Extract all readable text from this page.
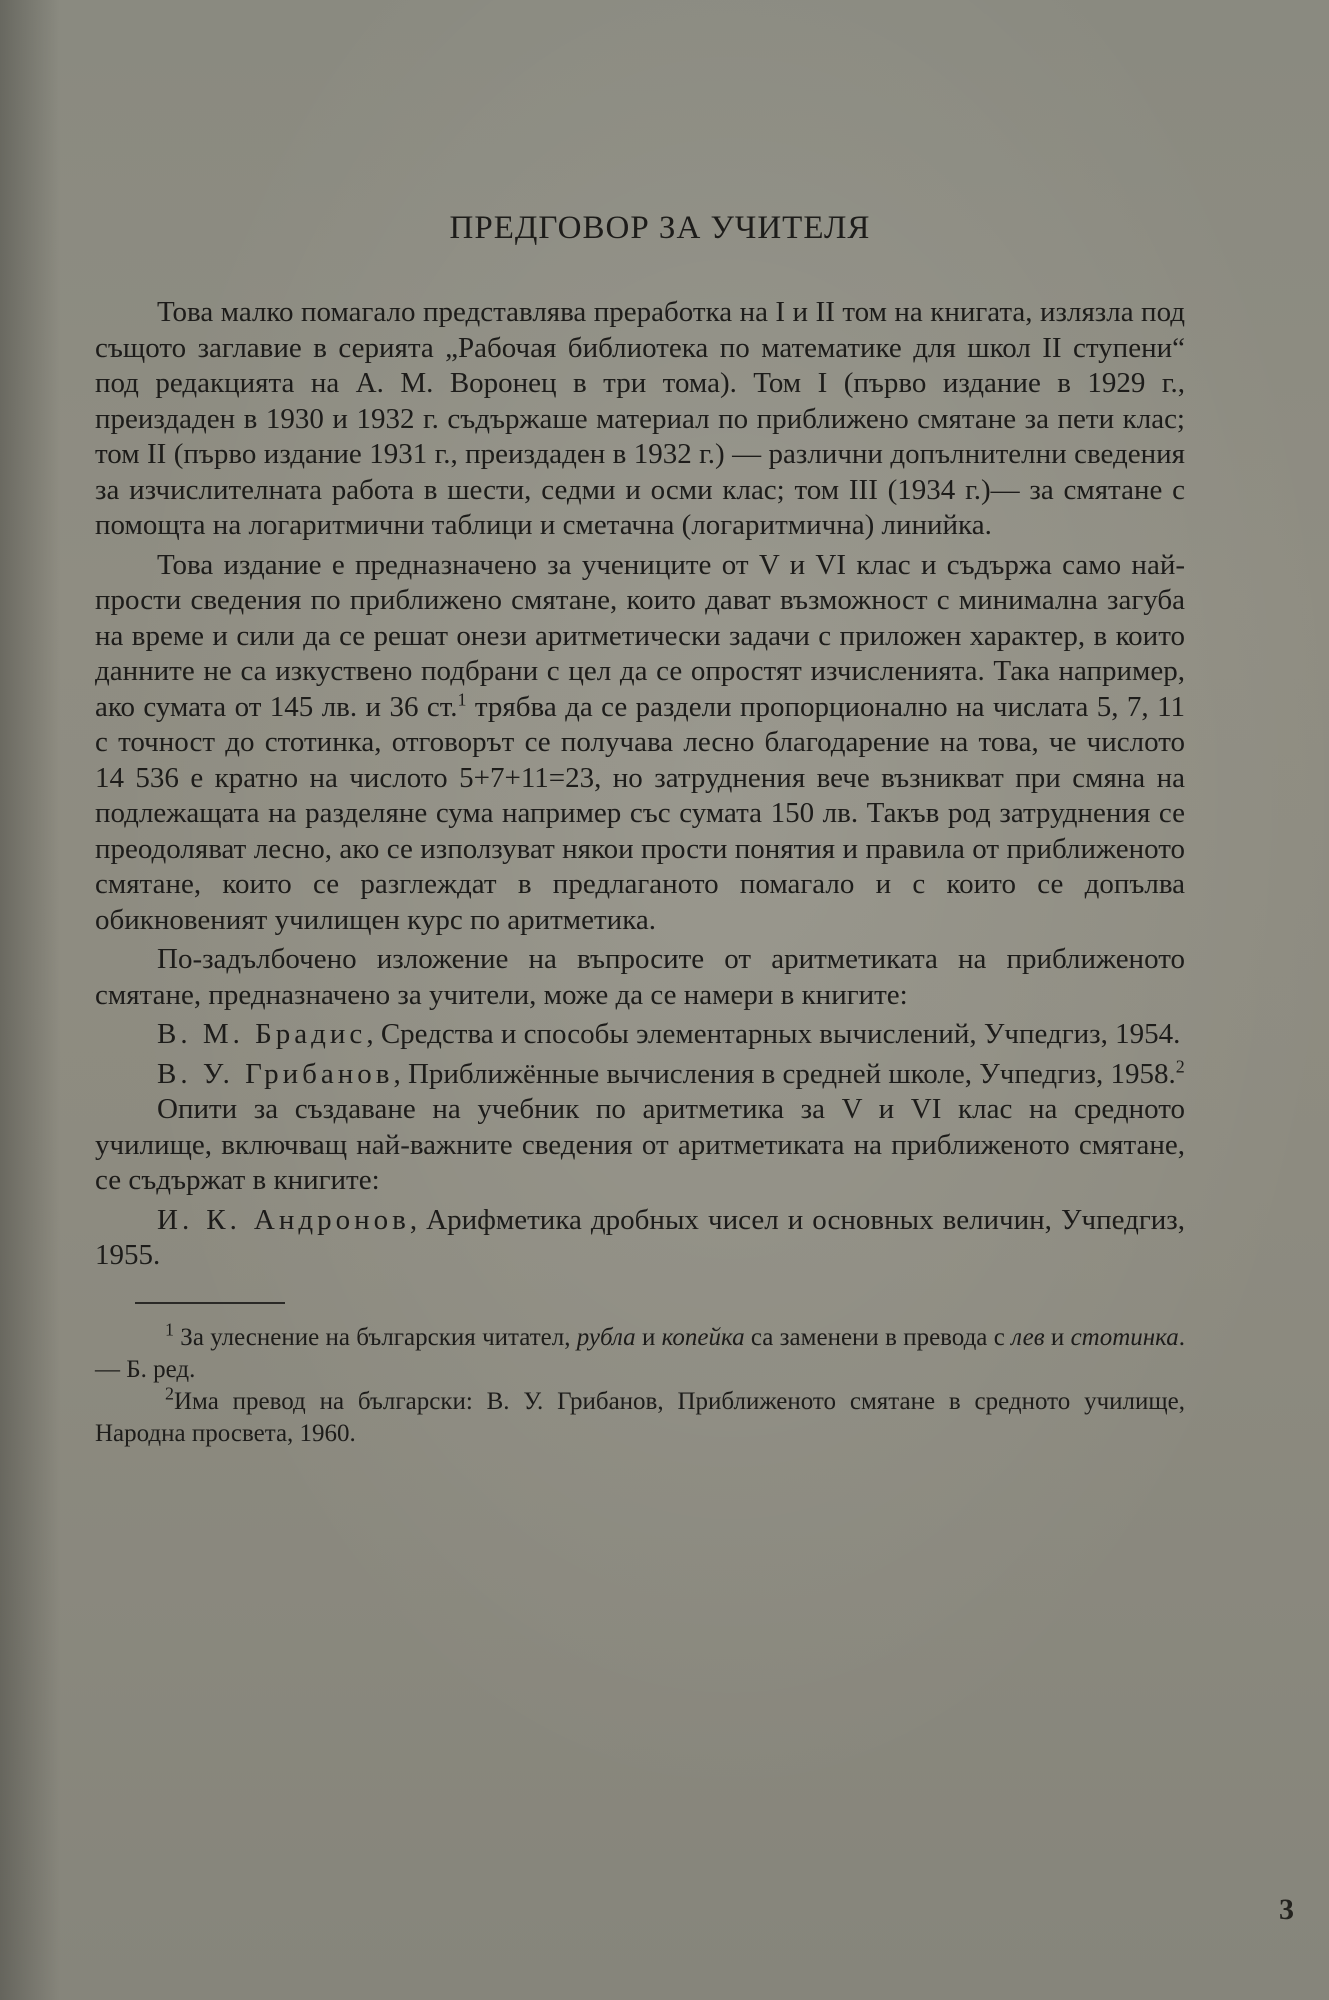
ПРЕДГОВОР ЗА УЧИТЕЛЯ

Това малко помагало представлява преработка на I и II том на книгата, излязла под същото заглавие в серията „Рабочая библиотека по математике для школ II ступени“ под редакцията на А. М. Воронец в три тома). Том I (първо издание в 1929 г., преиздаден в 1930 и 1932 г. съдържаше материал по приближено смятане за пети клас; том II (първо издание 1931 г., преиздаден в 1932 г.) — различни допълнителни сведения за изчислителната работа в шести, седми и осми клас; том III (1934 г.)— за смятане с помощта на логаритмични таблици и сметачна (логаритмична) линийка.

Това издание е предназначено за учениците от V и VI клас и съдържа само най-прости сведения по приближено смятане, които дават възможност с минимална загуба на време и сили да се решат онези аритметически задачи с приложен характер, в които данните не са изкуствено подбрани с цел да се опростят изчисленията. Така например, ако сумата от 145 лв. и 36 ст.$^1$ трябва да се раздели пропорционално на числата 5, 7, 11 с точност до стотинка, отговорът се получава лесно благодарение на това, че числото 14 536 е кратно на числото 5+7+11=23, но затруднения вече възникват при смяна на подлежащата на разделяне сума например със сумата 150 лв. Такъв род затруднения се преодоляват лесно, ако се използуват някои прости понятия и правила от приближеното смятане, които се разглеждат в предлаганото помагало и с които се допълва обикновеният училищен курс по аритметика.

По-задълбочено изложение на въпросите от аритметиката на приближеното смятане, предназначено за учители, може да се намери в книгите:

В. М. Брадис, Средства и способы элементарных вычислений, Учпедгиз, 1954.

В. У. Грибанов, Приближённые вычисления в средней школе, Учпедгиз, 1958.$^2$

Опити за създаване на учебник по аритметика за V и VI клас на средното училище, включващ най-важните сведения от аритметиката на приближеното смятане, се съдържат в книгите:

И. К. Андронов, Арифметика дробных чисел и основных величин, Учпедгиз, 1955.

$^1$ За улеснение на българския читател, рубла и копейка са заменени в превода с лев и стотинка. — Б. ред.

$^2$Има превод на български: В. У. Грибанов, Приближеното смятане в средното училище, Народна просвета, 1960.

3
